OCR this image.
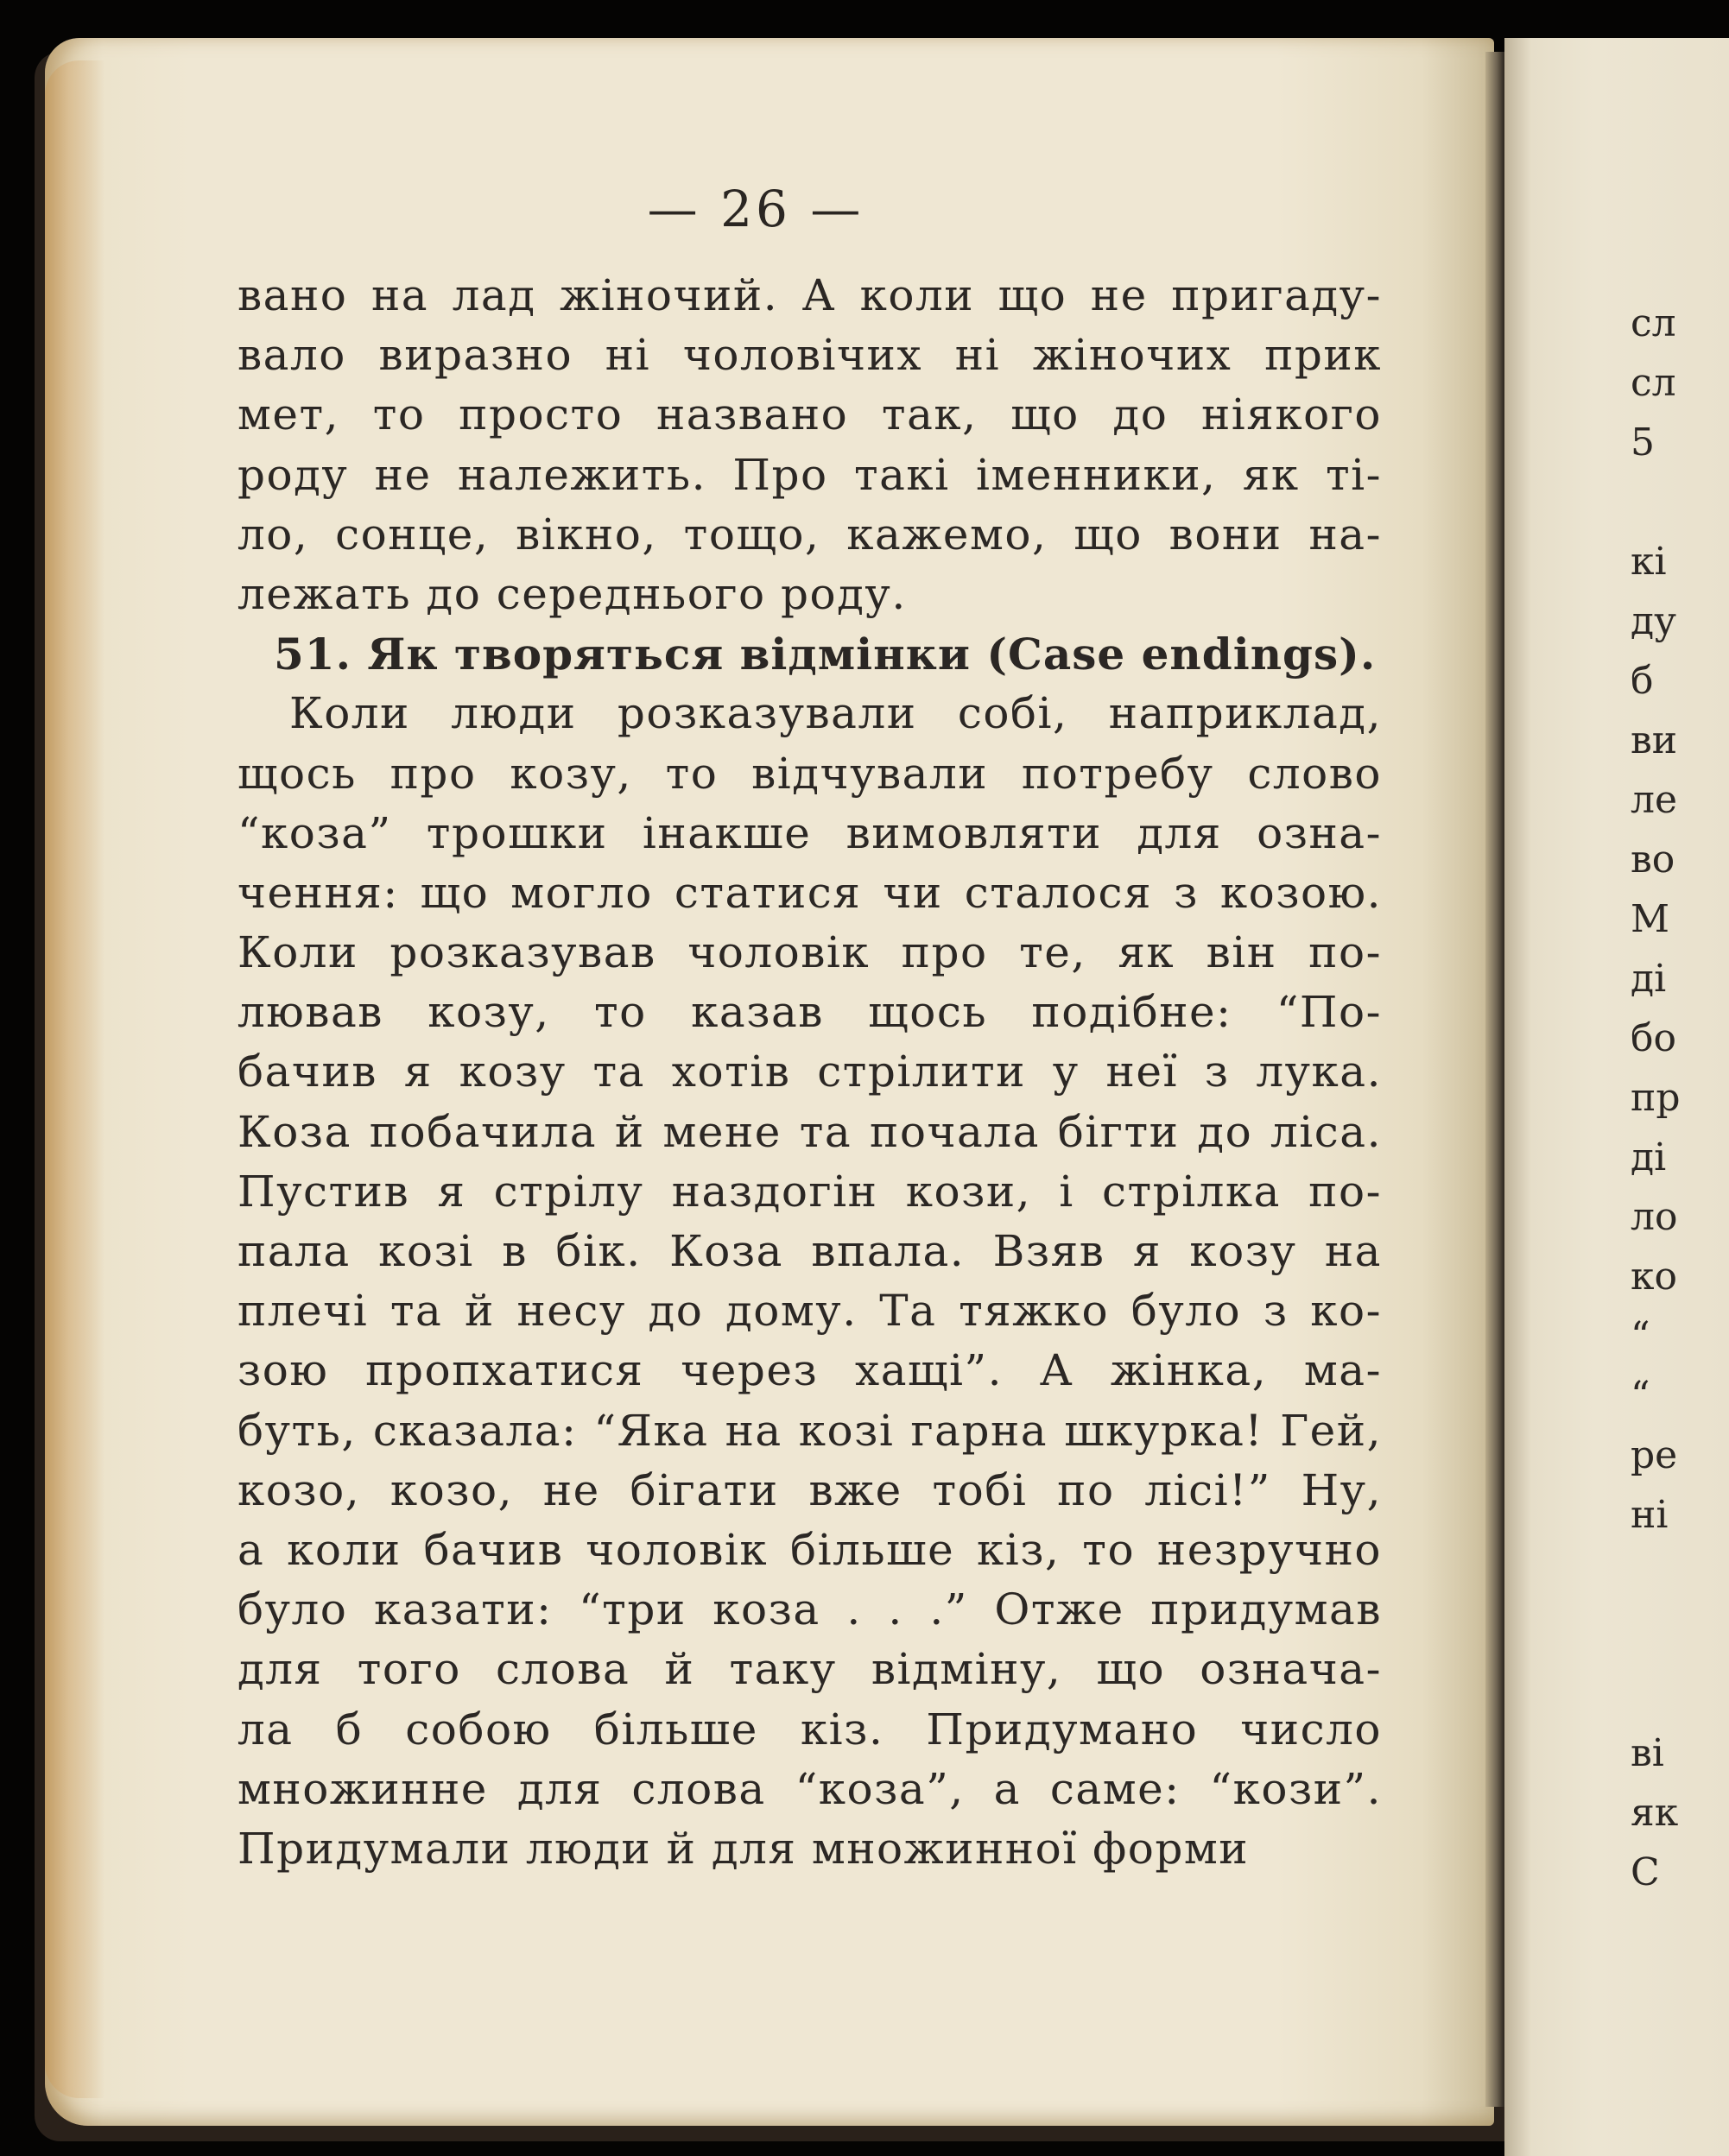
— 26 —
вано на лад жіночий. А коли що не пригаду-
вало виразно ні чоловічих ні жіночих прик
мет, то просто названо так, що до ніякого
роду не належить. Про такі іменники, як ті-
ло, сонце, вікно, тощо, кажемо, що вони на-
лежать до середнього роду.
51. Як творяться відмінки (Case endings).
Коли люди розказували собі, наприклад,
щось про козу, то відчували потребу слово
“коза” трошки інакше вимовляти для озна-
чення: що могло статися чи сталося з козою.
Коли розказував чоловік про те, як він по-
лював козу, то казав щось подібне: “По-
бачив я козу та хотів стрілити у неї з лука.
Коза побачила й мене та почала бігти до ліса.
Пустив я стрілу наздогін кози, і стрілка по-
пала козі в бік. Коза впала. Взяв я козу на
плечі та й несу до дому. Та тяжко було з ко-
зою пропхатися через хащі”. А жінка, ма-
буть, сказала: “Яка на козі гарна шкурка! Гей,
козо, козо, не бігати вже тобі по лісі!” Ну,
а коли бачив чоловік більше кіз, то незручно
було казати: “три коза . . .” Отже придумав
для того слова й таку відміну, що означа-
ла б собою більше кіз. Придумано число
множинне для слова “коза”, а саме: “кози”.
Придумали люди й для множинної форми
сл
сл
5
кі
ду
б
ви
ле
во
М
ді
бо
пр
ді
ло
ко
“
“
ре
ні
ві
як
С
